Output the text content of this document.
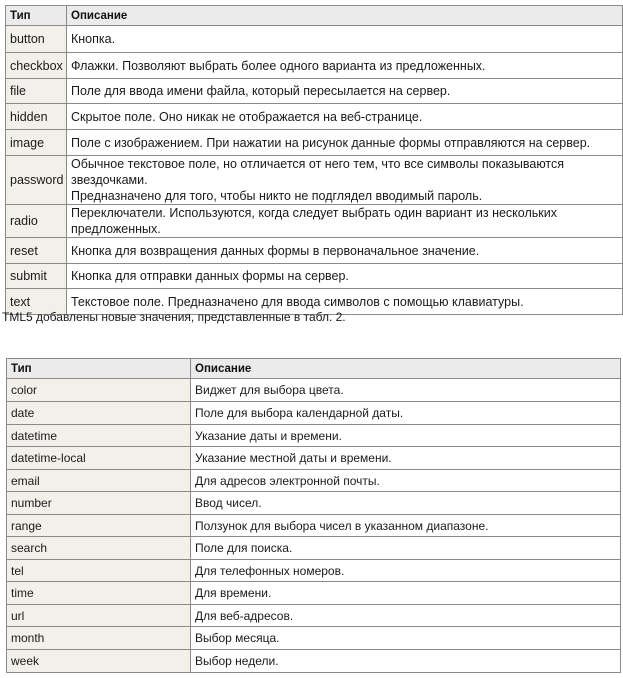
Тип	Описание
button	Кнопка.
checkbox	Флажки. Позволяют выбрать более одного варианта из предложенных.
file	Поле для ввода имени файла, который пересылается на сервер.
hidden	Скрытое поле. Оно никак не отображается на веб-странице.
image	Поле с изображением. При нажатии на рисунок данные формы отправляются на сервер.
password	Обычное текстовое поле, но отличается от него тем, что все символы показываются звездочками.
Предназначено для того, чтобы никто не подглядел вводимый пароль.

radio	Переключатели. Используются, когда следует выбрать один вариант из нескольких предложенных.
reset	Кнопка для возвращения данных формы в первоначальное значение.
submit	Кнопка для отправки данных формы на сервер.
text	Текстовое поле. Предназначено для ввода символов с помощью клавиатуры.
TML5 добавлены новые значения, представленные в табл. 2.
Тип	Описание
color	Виджет для выбора цвета.
date	Поле для выбора календарной даты.
datetime	Указание даты и времени.
datetime-local	Указание местной даты и времени.
email	Для адресов электронной почты.
number	Ввод чисел.
range	Ползунок для выбора чисел в указанном диапазоне.
search	Поле для поиска.
tel	Для телефонных номеров.
time	Для времени.
url	Для веб-адресов.
month	Выбор месяца.
week	Выбор недели.
